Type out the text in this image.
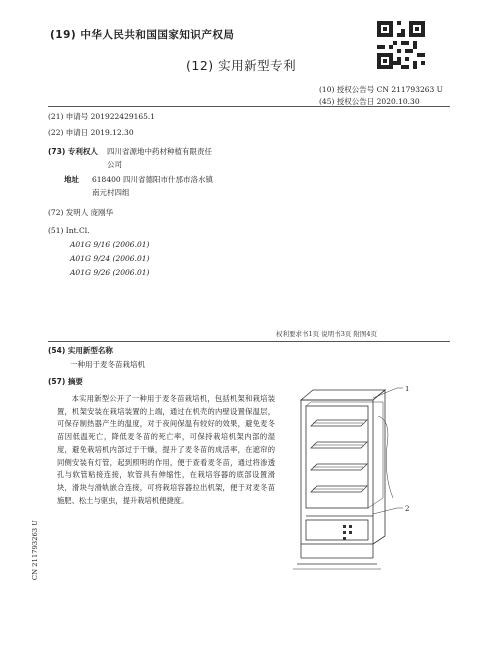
(19) 中华人民共和国国家知识产权局
(12) 实用新型专利
(10) 授权公告号 CN 211793263 U
(45) 授权公告日 2020.10.30
(21) 申请号 201922429165.1
(22) 申请日 2019.12.30
(73) 专利权人 四川省源地中药材种植有限责任
公司
地址 618400 四川省德阳市什邡市洛水镇
南元村四组
(72) 发明人 庞刚华
(51) Int.Cl.
A01G 9/16 (2006.01)
A01G 9/24 (2006.01)
A01G 9/26 (2006.01)
权利要求书1页 说明书3页 附图4页
(54) 实用新型名称
一种用于麦冬苗栽培机
(57) 摘要
本实用新型公开了一种用于麦冬苗栽培机，包括机架和栽培装置，机架安装在栽培装置的上端，通过在机壳的内壁设置保温层，可保存制热器产生的温度，对于夜间保温有较好的效果，避免麦冬苗因低温死亡，降低麦冬苗的死亡率，可保持栽培机架内部的湿度，避免栽培机内部过于干燥，提升了麦冬苗的成活率，在遮帘的同侧安装有灯管，起到照明的作用，便于查看麦冬苗，通过将渗透孔与软管粘接连接，软管具有伸缩性，在栽培容器的底部设置滑块，滑块与滑轨嵌合连接，可将栽培容器拉出机架，便于对麦冬苗施肥、松土与驱虫，提升栽培机便捷度。
CN 211793263 U
1
2
